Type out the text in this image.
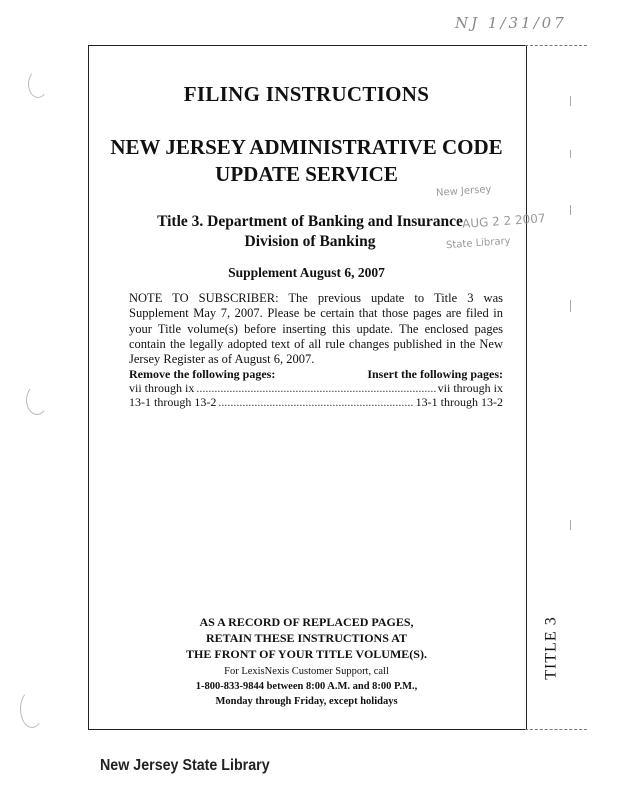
NJ 1/31/07
FILING INSTRUCTIONS
NEW JERSEY ADMINISTRATIVE CODE
UPDATE SERVICE
New Jersey
AUG 2 2 2007
State Library
Title 3. Department of Banking and Insurance
Division of Banking
Supplement August 6, 2007
NOTE TO SUBSCRIBER: The previous update to Title 3 was Supplement May 7, 2007. Please be certain that those pages are filed in your Title volume(s) before inserting this update. The enclosed pages contain the legally adopted text of all rule changes published in the New Jersey Register as of August 6, 2007.
Remove the following pages:	Insert the following pages:
vii through ix .....	vii through ix
13-1 through 13-2 .....	13-1 through 13-2
AS A RECORD OF REPLACED PAGES,
RETAIN THESE INSTRUCTIONS AT
THE FRONT OF YOUR TITLE VOLUME(S).
For LexisNexis Customer Support, call
1-800-833-9844 between 8:00 A.M. and 8:00 P.M.,
Monday through Friday, except holidays
TITLE 3
New Jersey State Library
